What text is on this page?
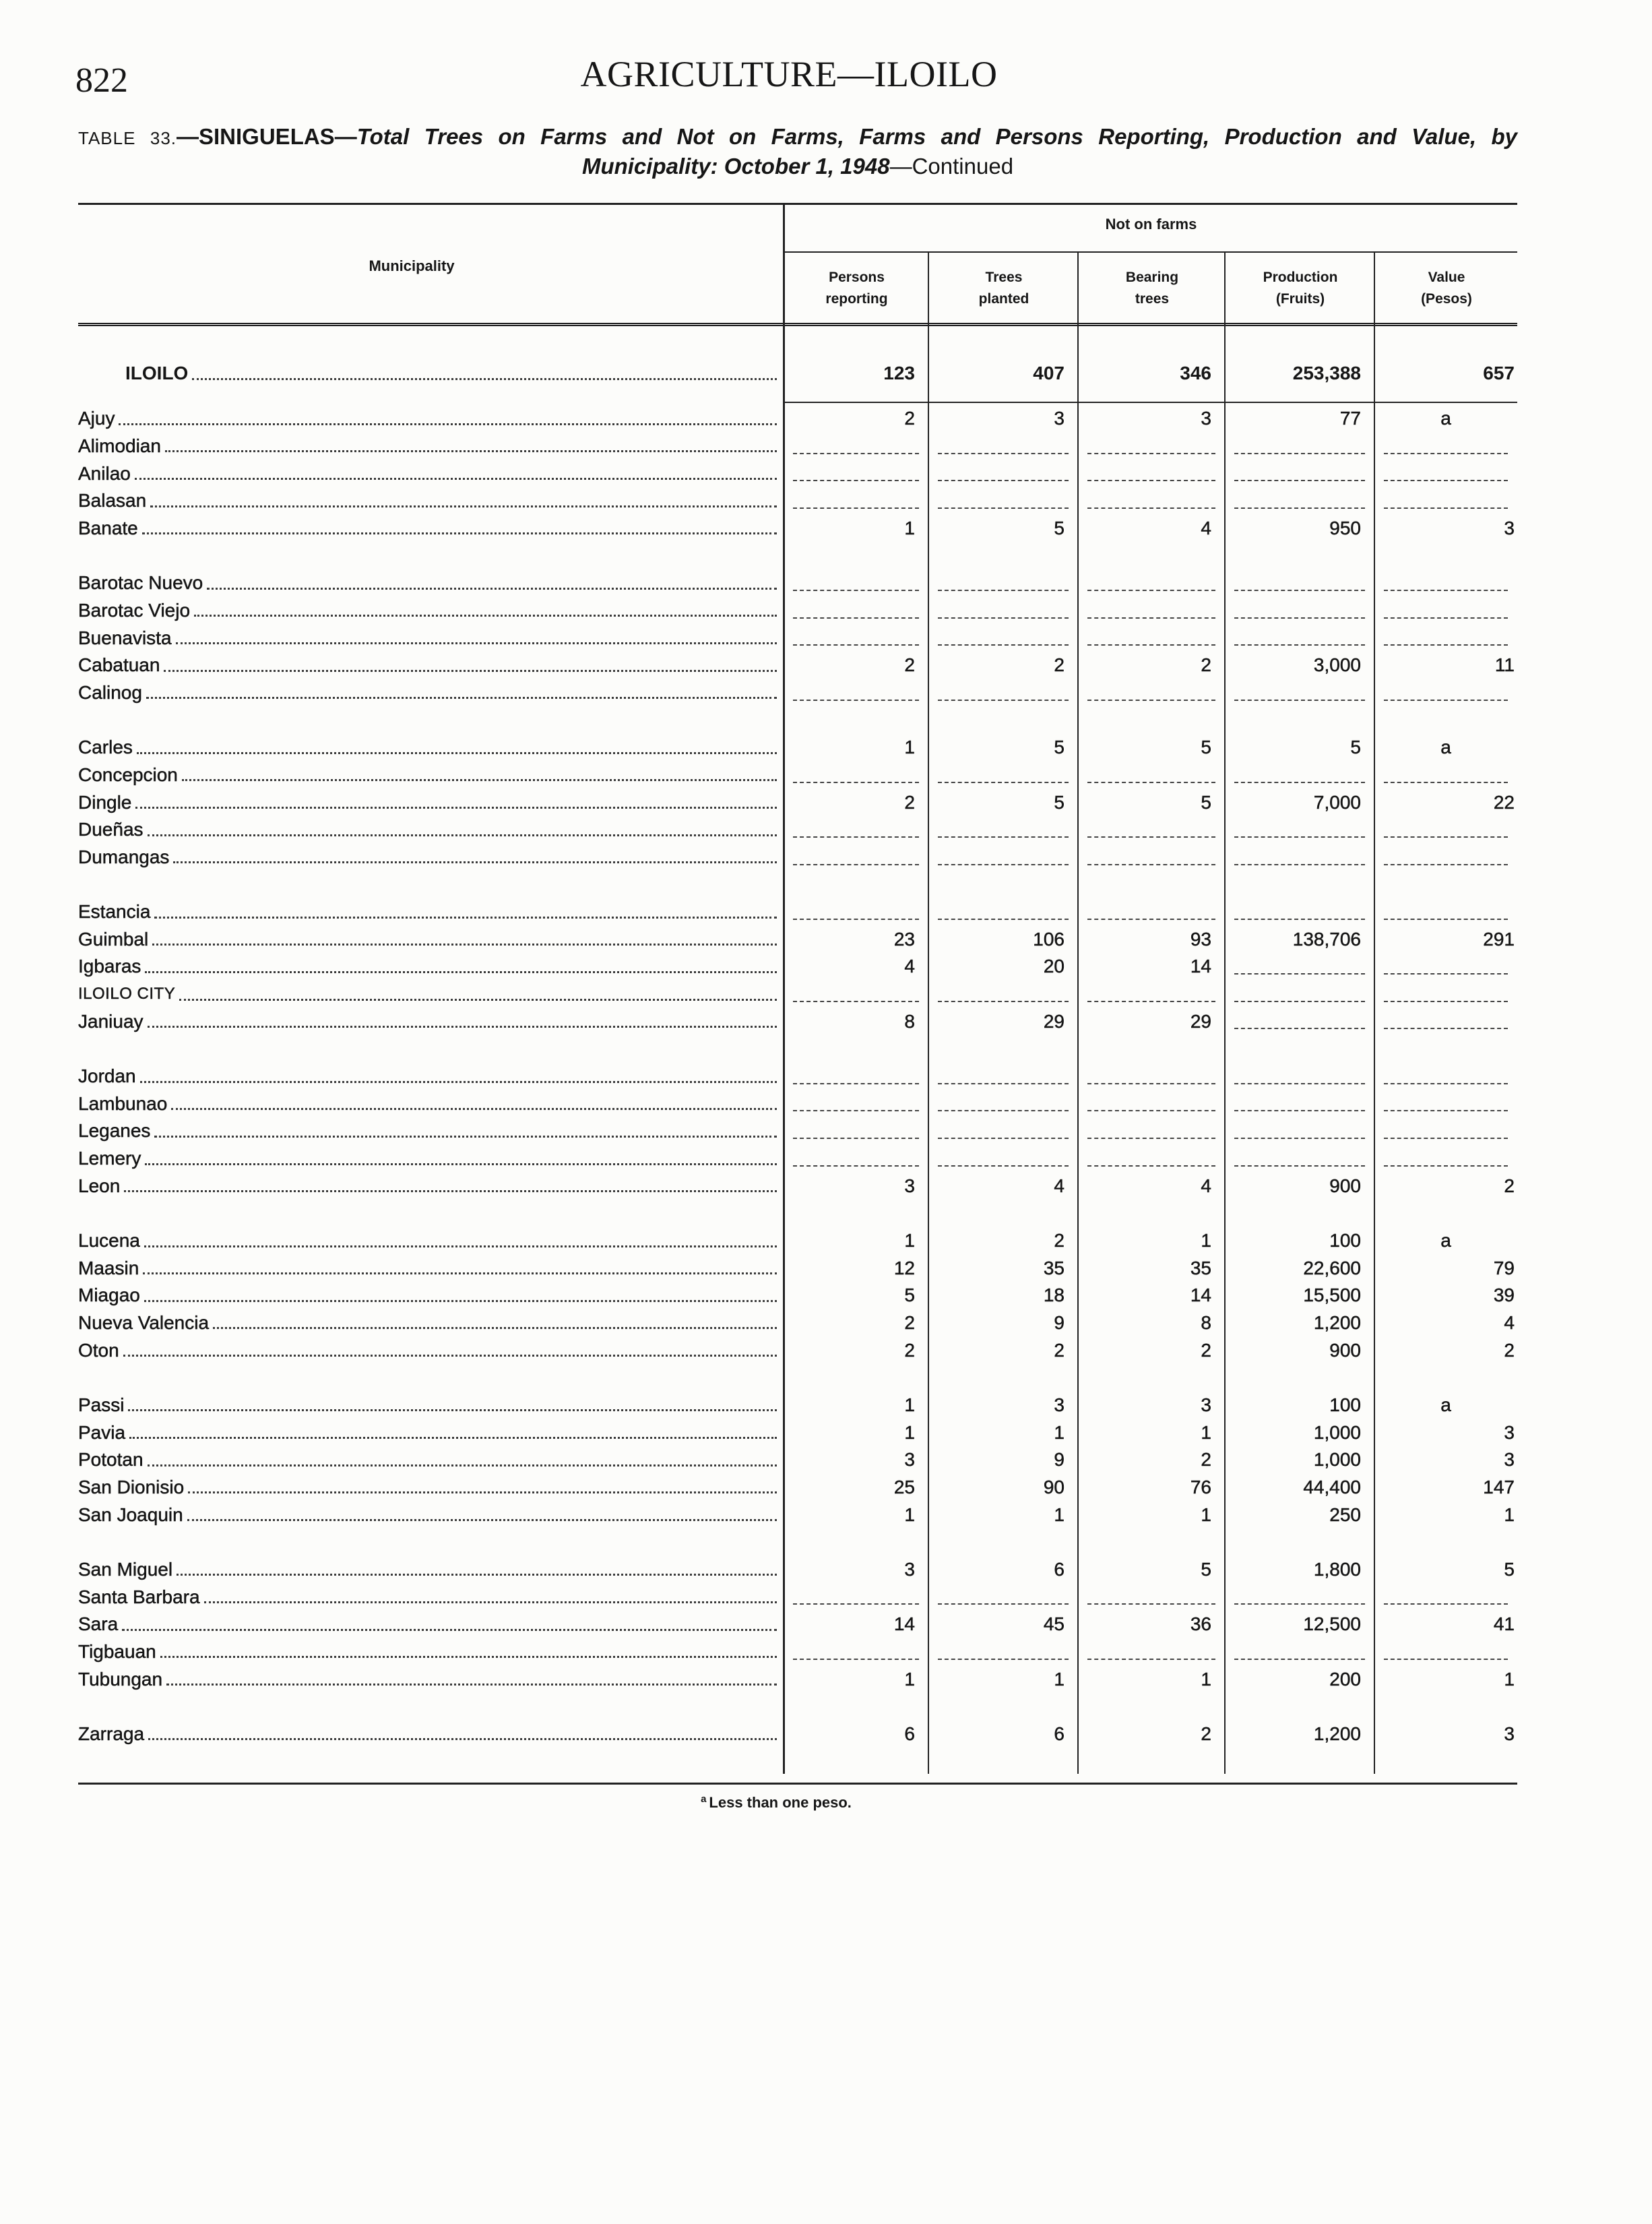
822	AGRICULTURE—ILOILO
TABLE 33.—SINIGUELAS—Total Trees on Farms and Not on Farms, Farms and Persons Reporting, Production and Value, by
Municipality: October 1, 1948—Continued
Municipality
Not on farms
Persons
reporting
Trees
planted
Bearing
trees
Production
(Fruits)
Value
(Pesos)
ILOILO	123	407	346	253,388	657
Ajuy	2	3	3	77	a
Alimodian
Anilao
Balasan
Banate	1	5	4	950	3
Barotac Nuevo
Barotac Viejo
Buenavista
Cabatuan	2	2	2	3,000	11
Calinog
Carles	1	5	5	5	a
Concepcion
Dingle	2	5	5	7,000	22
Dueñas
Dumangas
Estancia
Guimbal	23	106	93	138,706	291
Igbaras	4	20	14
ILOILO CITY
Janiuay	8	29	29
Jordan
Lambunao
Leganes
Lemery
Leon	3	4	4	900	2
Lucena	1	2	1	100	a
Maasin	12	35	35	22,600	79
Miagao	5	18	14	15,500	39
Nueva Valencia	2	9	8	1,200	4
Oton	2	2	2	900	2
Passi	1	3	3	100	a
Pavia	1	1	1	1,000	3
Pototan	3	9	2	1,000	3
San Dionisio	25	90	76	44,400	147
San Joaquin	1	1	1	250	1
San Miguel	3	6	5	1,800	5
Santa Barbara
Sara	14	45	36	12,500	41
Tigbauan
Tubungan	1	1	1	200	1
Zarraga	6	6	2	1,200	3
$^a$ Less than one peso.
